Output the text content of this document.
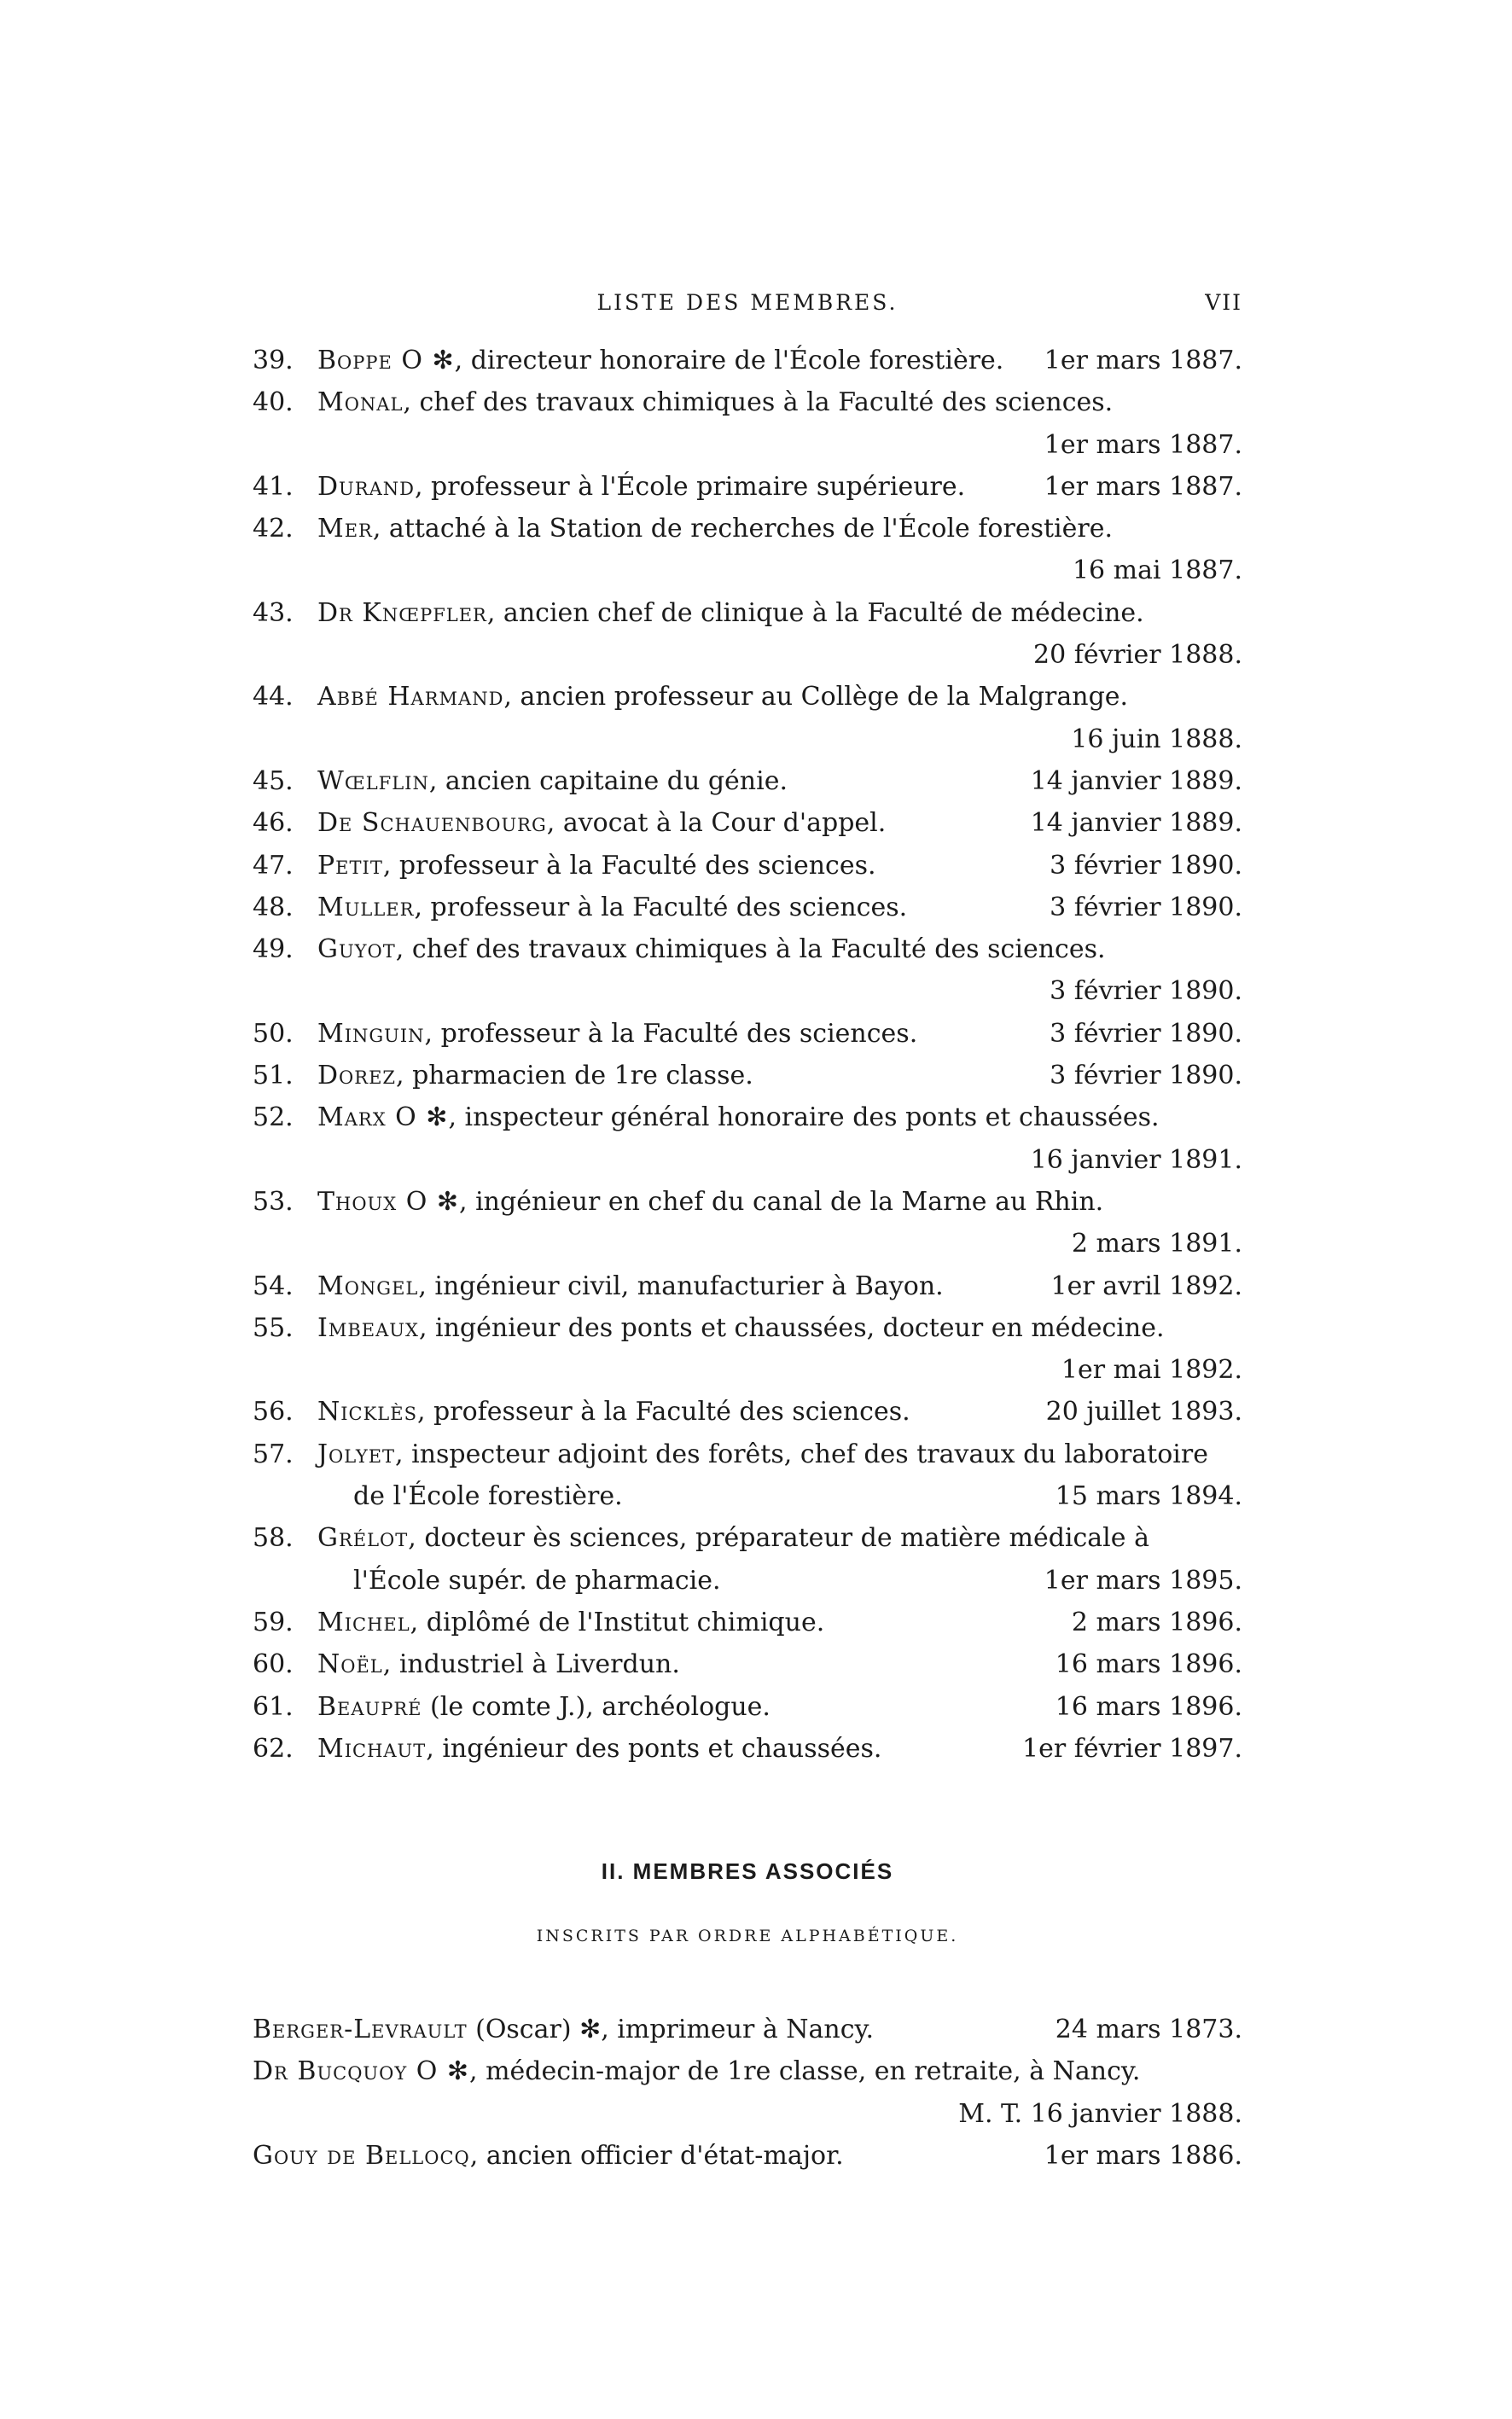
LISTE DES MEMBRES.	VII
39. Boppe O ✻, directeur honoraire de l'École forestière.	1er mars 1887.
40. Monal, chef des travaux chimiques à la Faculté des sciences.
1er mars 1887.
41. Durand, professeur à l'École primaire supérieure.	1er mars 1887.
42. Mer, attaché à la Station de recherches de l'École forestière.
16 mai 1887.
43. Dr Knœpfler, ancien chef de clinique à la Faculté de médecine.
20 février 1888.
44. Abbé Harmand, ancien professeur au Collège de la Malgrange.
16 juin 1888.
45. Wœlflin, ancien capitaine du génie.	14 janvier 1889.
46. De Schauenbourg, avocat à la Cour d'appel.	14 janvier 1889.
47. Petit, professeur à la Faculté des sciences.	3 février 1890.
48. Muller, professeur à la Faculté des sciences.	3 février 1890.
49. Guyot, chef des travaux chimiques à la Faculté des sciences.
3 février 1890.
50. Minguin, professeur à la Faculté des sciences.	3 février 1890.
51. Dorez, pharmacien de 1re classe.	3 février 1890.
52. Marx O ✻, inspecteur général honoraire des ponts et chaussées.
16 janvier 1891.
53. Thoux O ✻, ingénieur en chef du canal de la Marne au Rhin.
2 mars 1891.
54. Mongel, ingénieur civil, manufacturier à Bayon.	1er avril 1892.
55. Imbeaux, ingénieur des ponts et chaussées, docteur en médecine.
1er mai 1892.
56. Nicklès, professeur à la Faculté des sciences.	20 juillet 1893.
57. Jolyet, inspecteur adjoint des forêts, chef des travaux du laboratoire
de l'École forestière.	15 mars 1894.
58. Grélot, docteur ès sciences, préparateur de matière médicale à
l'École supér. de pharmacie.	1er mars 1895.
59. Michel, diplômé de l'Institut chimique.	2 mars 1896.
60. Noël, industriel à Liverdun.	16 mars 1896.
61. Beaupré (le comte J.), archéologue.	16 mars 1896.
62. Michaut, ingénieur des ponts et chaussées.	1er février 1897.
II. MEMBRES ASSOCIÉS
INSCRITS PAR ORDRE ALPHABÉTIQUE.
Berger-Levrault (Oscar) ✻, imprimeur à Nancy.	24 mars 1873.
Dr Bucquoy O ✻, médecin-major de 1re classe, en retraite, à Nancy.
M. T. 16 janvier 1888.
Gouy de Bellocq, ancien officier d'état-major.	1er mars 1886.
